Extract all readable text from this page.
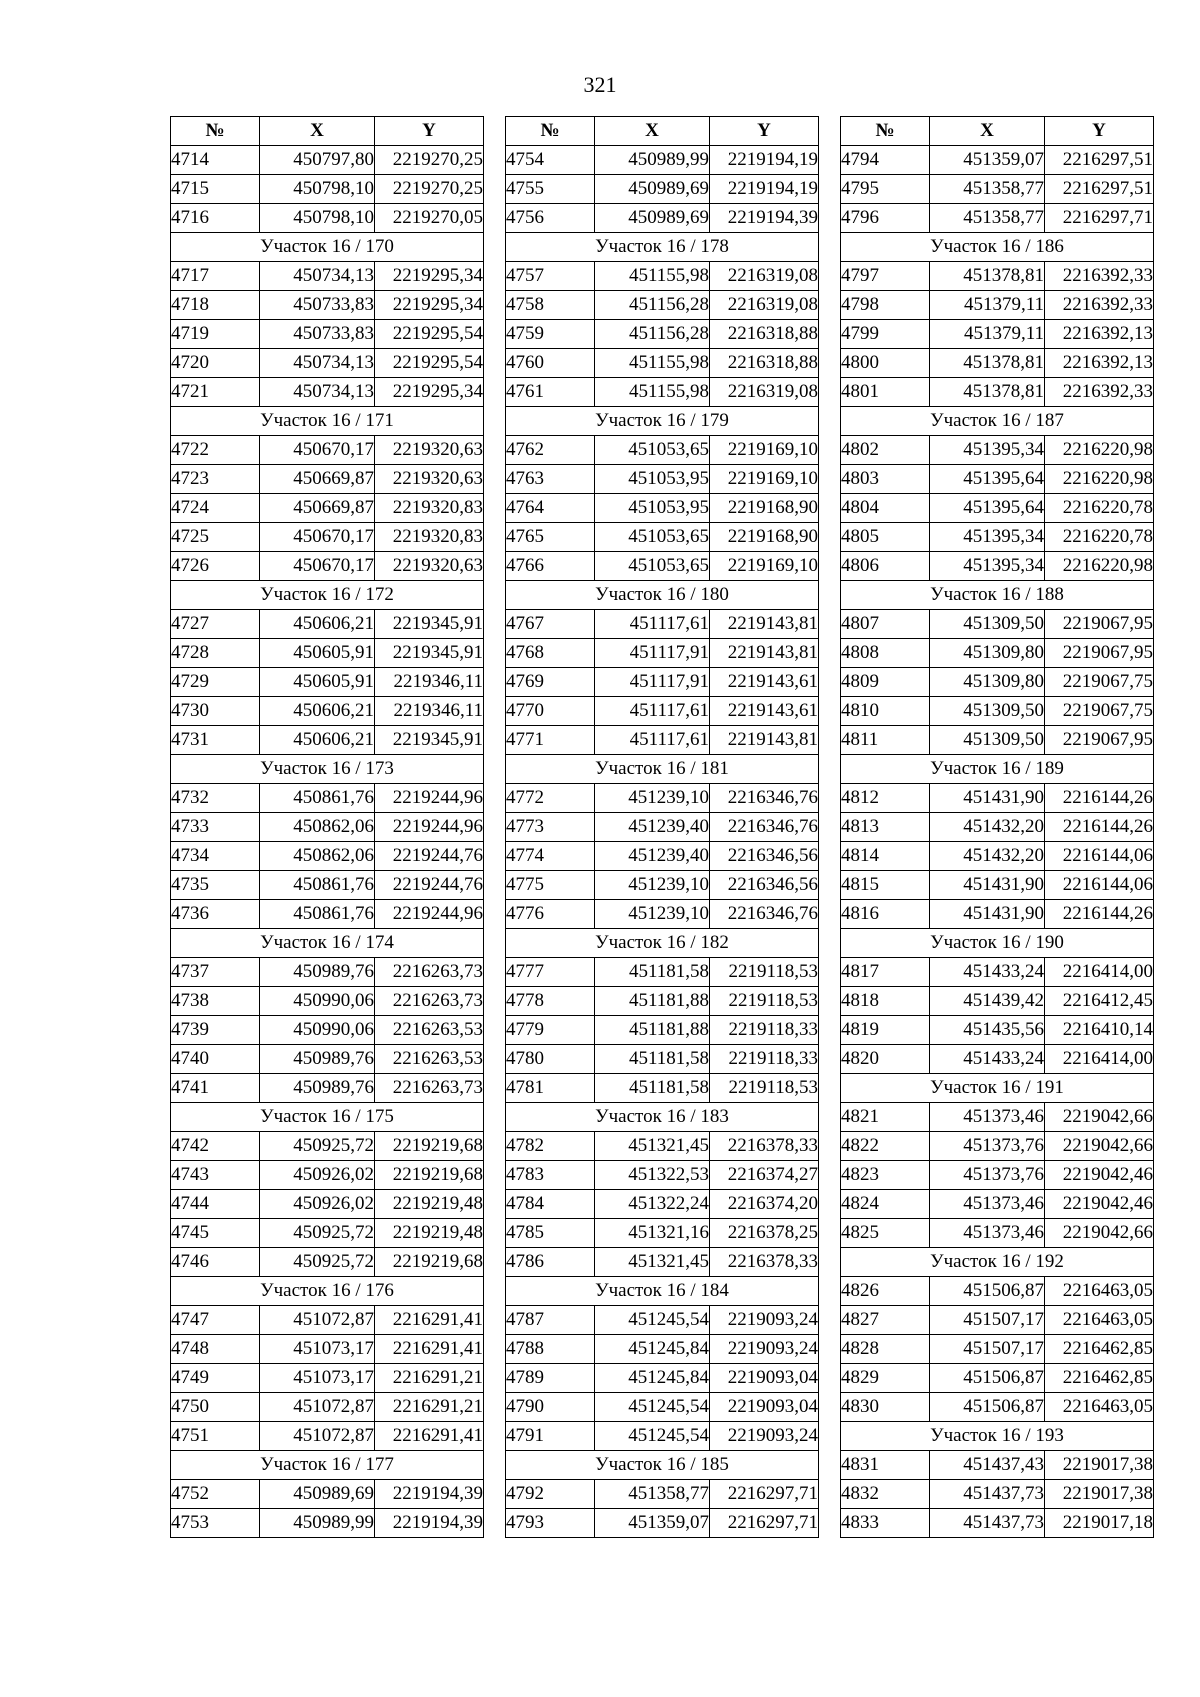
321
№	X	Y
4714	450797,80	2219270,25
4715	450798,10	2219270,25
4716	450798,10	2219270,05
Участок 16 / 170		
4717	450734,13	2219295,34
4718	450733,83	2219295,34
4719	450733,83	2219295,54
4720	450734,13	2219295,54
4721	450734,13	2219295,34
Участок 16 / 171		
4722	450670,17	2219320,63
4723	450669,87	2219320,63
4724	450669,87	2219320,83
4725	450670,17	2219320,83
4726	450670,17	2219320,63
Участок 16 / 172		
4727	450606,21	2219345,91
4728	450605,91	2219345,91
4729	450605,91	2219346,11
4730	450606,21	2219346,11
4731	450606,21	2219345,91
Участок 16 / 173		
4732	450861,76	2219244,96
4733	450862,06	2219244,96
4734	450862,06	2219244,76
4735	450861,76	2219244,76
4736	450861,76	2219244,96
Участок 16 / 174		
4737	450989,76	2216263,73
4738	450990,06	2216263,73
4739	450990,06	2216263,53
4740	450989,76	2216263,53
4741	450989,76	2216263,73
Участок 16 / 175		
4742	450925,72	2219219,68
4743	450926,02	2219219,68
4744	450926,02	2219219,48
4745	450925,72	2219219,48
4746	450925,72	2219219,68
Участок 16 / 176		
4747	451072,87	2216291,41
4748	451073,17	2216291,41
4749	451073,17	2216291,21
4750	451072,87	2216291,21
4751	451072,87	2216291,41
Участок 16 / 177		
4752	450989,69	2219194,39
4753	450989,99	2219194,39
№	X	Y
4754	450989,99	2219194,19
4755	450989,69	2219194,19
4756	450989,69	2219194,39
Участок 16 / 178		
4757	451155,98	2216319,08
4758	451156,28	2216319,08
4759	451156,28	2216318,88
4760	451155,98	2216318,88
4761	451155,98	2216319,08
Участок 16 / 179		
4762	451053,65	2219169,10
4763	451053,95	2219169,10
4764	451053,95	2219168,90
4765	451053,65	2219168,90
4766	451053,65	2219169,10
Участок 16 / 180		
4767	451117,61	2219143,81
4768	451117,91	2219143,81
4769	451117,91	2219143,61
4770	451117,61	2219143,61
4771	451117,61	2219143,81
Участок 16 / 181		
4772	451239,10	2216346,76
4773	451239,40	2216346,76
4774	451239,40	2216346,56
4775	451239,10	2216346,56
4776	451239,10	2216346,76
Участок 16 / 182		
4777	451181,58	2219118,53
4778	451181,88	2219118,53
4779	451181,88	2219118,33
4780	451181,58	2219118,33
4781	451181,58	2219118,53
Участок 16 / 183		
4782	451321,45	2216378,33
4783	451322,53	2216374,27
4784	451322,24	2216374,20
4785	451321,16	2216378,25
4786	451321,45	2216378,33
Участок 16 / 184		
4787	451245,54	2219093,24
4788	451245,84	2219093,24
4789	451245,84	2219093,04
4790	451245,54	2219093,04
4791	451245,54	2219093,24
Участок 16 / 185		
4792	451358,77	2216297,71
4793	451359,07	2216297,71
№	X	Y
4794	451359,07	2216297,51
4795	451358,77	2216297,51
4796	451358,77	2216297,71
Участок 16 / 186		
4797	451378,81	2216392,33
4798	451379,11	2216392,33
4799	451379,11	2216392,13
4800	451378,81	2216392,13
4801	451378,81	2216392,33
Участок 16 / 187		
4802	451395,34	2216220,98
4803	451395,64	2216220,98
4804	451395,64	2216220,78
4805	451395,34	2216220,78
4806	451395,34	2216220,98
Участок 16 / 188		
4807	451309,50	2219067,95
4808	451309,80	2219067,95
4809	451309,80	2219067,75
4810	451309,50	2219067,75
4811	451309,50	2219067,95
Участок 16 / 189		
4812	451431,90	2216144,26
4813	451432,20	2216144,26
4814	451432,20	2216144,06
4815	451431,90	2216144,06
4816	451431,90	2216144,26
Участок 16 / 190		
4817	451433,24	2216414,00
4818	451439,42	2216412,45
4819	451435,56	2216410,14
4820	451433,24	2216414,00
Участок 16 / 191		
4821	451373,46	2219042,66
4822	451373,76	2219042,66
4823	451373,76	2219042,46
4824	451373,46	2219042,46
4825	451373,46	2219042,66
Участок 16 / 192		
4826	451506,87	2216463,05
4827	451507,17	2216463,05
4828	451507,17	2216462,85
4829	451506,87	2216462,85
4830	451506,87	2216463,05
Участок 16 / 193		
4831	451437,43	2219017,38
4832	451437,73	2219017,38
4833	451437,73	2219017,18
